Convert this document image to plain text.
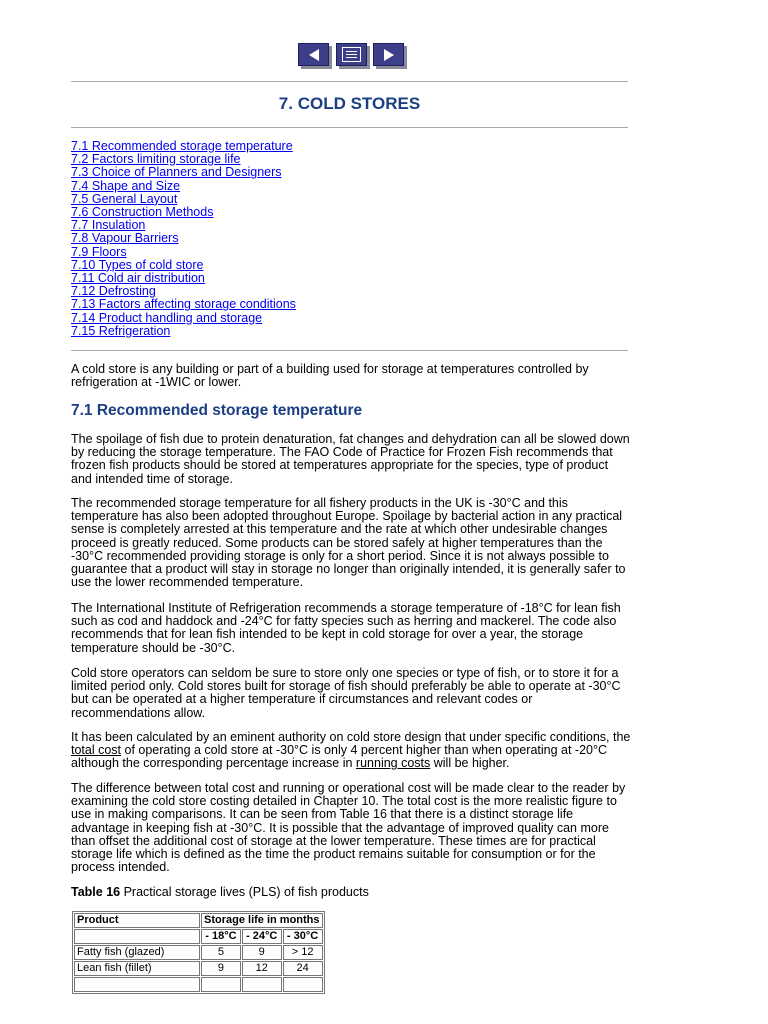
7. COLD STORES
7.1 Recommended storage temperature
7.2 Factors limiting storage life
7.3 Choice of Planners and Designers
7.4 Shape and Size
7.5 General Layout
7.6 Construction Methods
7.7 Insulation
7.8 Vapour Barriers
7.9 Floors
7.10 Types of cold store
7.11 Cold air distribution
7.12 Defrosting
7.13 Factors affecting storage conditions
7.14 Product handling and storage
7.15 Refrigeration

A cold store is any building or part of a building used for storage at temperatures controlled by refrigeration at -1WIC or lower.

7.1 Recommended storage temperature

The spoilage of fish due to protein denaturation, fat changes and dehydration can all be slowed down by reducing the storage temperature. The FAO Code of Practice for Frozen Fish recommends that frozen fish products should be stored at temperatures appropriate for the species, type of product and intended time of storage.

The recommended storage temperature for all fishery products in the UK is -30°C and this temperature has also been adopted throughout Europe. Spoilage by bacterial action in any practical sense is completely arrested at this temperature and the rate at which other undesirable changes proceed is greatly reduced. Some products can be stored safely at higher temperatures than the -30°C recommended providing storage is only for a short period. Since it is not always possible to guarantee that a product will stay in storage no longer than originally intended, it is generally safer to use the lower recommended temperature.

The International Institute of Refrigeration recommends a storage temperature of -18°C for lean fish such as cod and haddock and -24°C for fatty species such as herring and mackerel. The code also recommends that for lean fish intended to be kept in cold storage for over a year, the storage temperature should be -30°C.

Cold store operators can seldom be sure to store only one species or type of fish, or to store it for a limited period only. Cold stores built for storage of fish should preferably be able to operate at -30°C but can be operated at a higher temperature if circumstances and relevant codes or recommendations allow.

It has been calculated by an eminent authority on cold store design that under specific conditions, the total cost of operating a cold store at -30°C is only 4 percent higher than when operating at -20°C although the corresponding percentage increase in running costs will be higher.

The difference between total cost and running or operational cost will be made clear to the reader by examining the cold store costing detailed in Chapter 10. The total cost is the more realistic figure to use in making comparisons. It can be seen from Table 16 that there is a distinct storage life advantage in keeping fish at -30°C. It is possible that the advantage of improved quality can more than offset the additional cost of storage at the lower temperature. These times are for practical storage life which is defined as the time the product remains suitable for consumption or for the process intended.

Table 16 Practical storage lives (PLS) of fish products

Product	Storage life in months		
	- 18°C	- 24°C	- 30°C
Fatty fish (glazed)	5	9	> 12
Lean fish (fillet)	9	12	24
